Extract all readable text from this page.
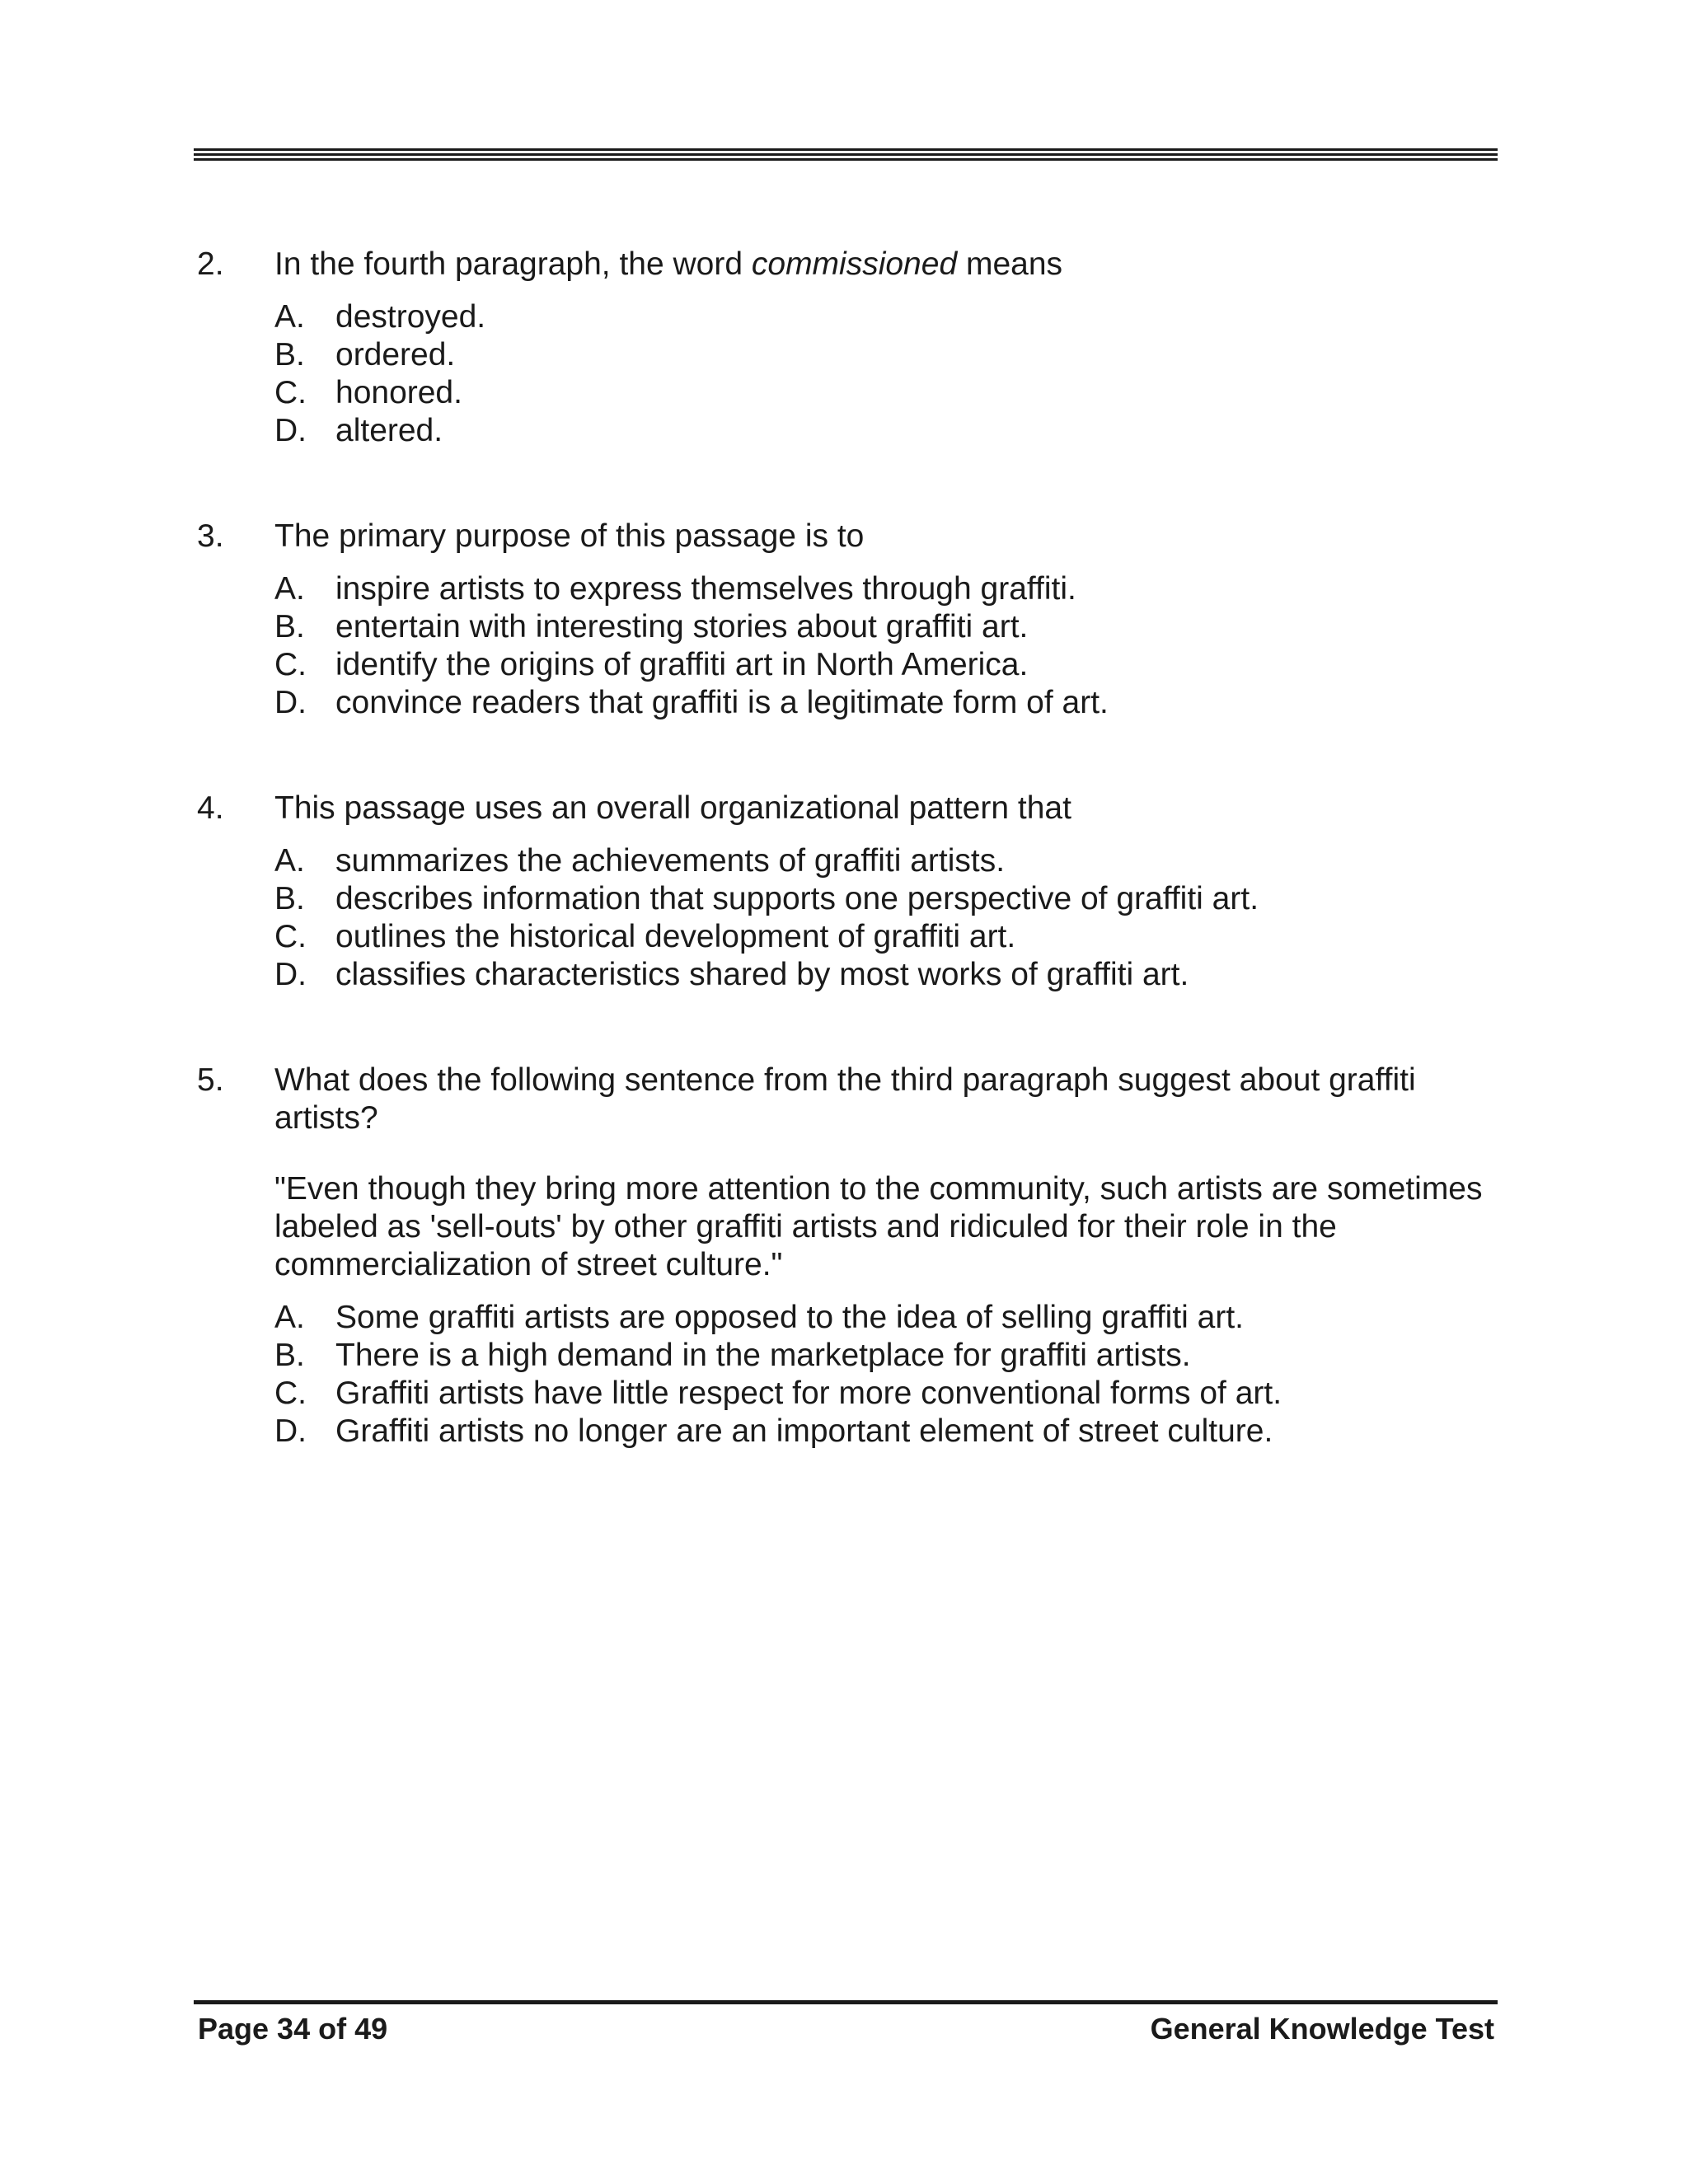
2. In the fourth paragraph, the word commissioned means
A. destroyed.
B. ordered.
C. honored.
D. altered.
3. The primary purpose of this passage is to
A. inspire artists to express themselves through graffiti.
B. entertain with interesting stories about graffiti art.
C. identify the origins of graffiti art in North America.
D. convince readers that graffiti is a legitimate form of art.
4. This passage uses an overall organizational pattern that
A. summarizes the achievements of graffiti artists.
B. describes information that supports one perspective of graffiti art.
C. outlines the historical development of graffiti art.
D. classifies characteristics shared by most works of graffiti art.
5. What does the following sentence from the third paragraph suggest about graffiti artists?
"Even though they bring more attention to the community, such artists are sometimes labeled as 'sell-outs' by other graffiti artists and ridiculed for their role in the commercialization of street culture."
A. Some graffiti artists are opposed to the idea of selling graffiti art.
B. There is a high demand in the marketplace for graffiti artists.
C. Graffiti artists have little respect for more conventional forms of art.
D. Graffiti artists no longer are an important element of street culture.
Page 34 of 49	General Knowledge Test
